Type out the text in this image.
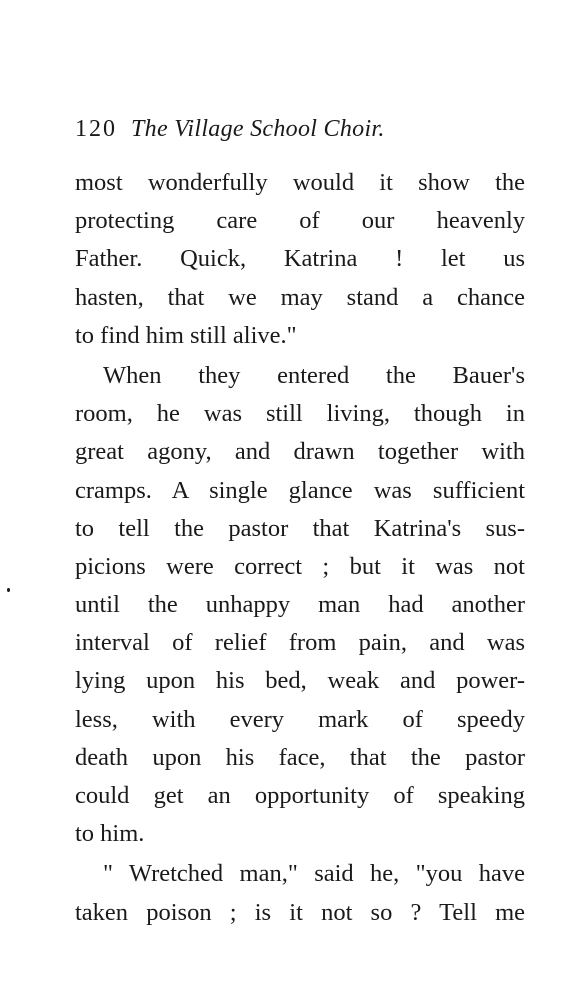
120 The Village School Choir.
most wonderfully would it show the
protecting care of our heavenly
Father. Quick, Katrina ! let us
hasten, that we may stand a chance
to find him still alive."
When they entered the Bauer's
room, he was still living, though in
great agony, and drawn together with
cramps. A single glance was sufficient
to tell the pastor that Katrina's sus-
picions were correct ; but it was not
until the unhappy man had another
interval of relief from pain, and was
lying upon his bed, weak and power-
less, with every mark of speedy
death upon his face, that the pastor
could get an opportunity of speaking
to him.
" Wretched man," said he, "you have
taken poison ; is it not so ? Tell me
